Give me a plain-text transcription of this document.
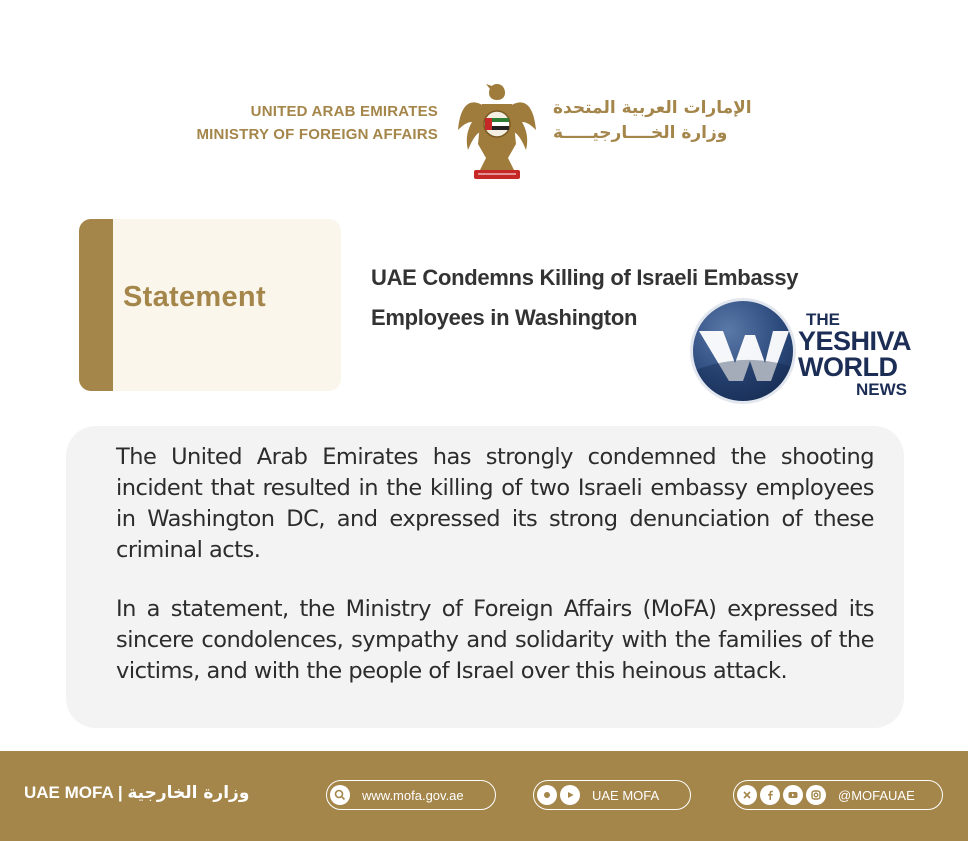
UNITED ARAB EMIRATES
MINISTRY OF FOREIGN AFFAIRS
الإمارات العربية المتحدة
وزارة الخــــارجيـــــة
Statement
UAE Condemns Killing of Israeli Embassy
Employees in Washington	THE
YESHIVA
WORLD
NEWS
The United Arab Emirates has strongly condemned the shooting incident that resulted in the killing of two Israeli embassy employees in Washington DC, and expressed its strong denunciation of these criminal acts.
In a statement, the Ministry of Foreign Affairs (MoFA) expressed its sincere condolences, sympathy and solidarity with the families of the victims, and with the people of Israel over this heinous attack.
UAE MOFA | وزارة الخارجية	www.mofa.gov.ae	UAE MOFA	@MOFAUAE
